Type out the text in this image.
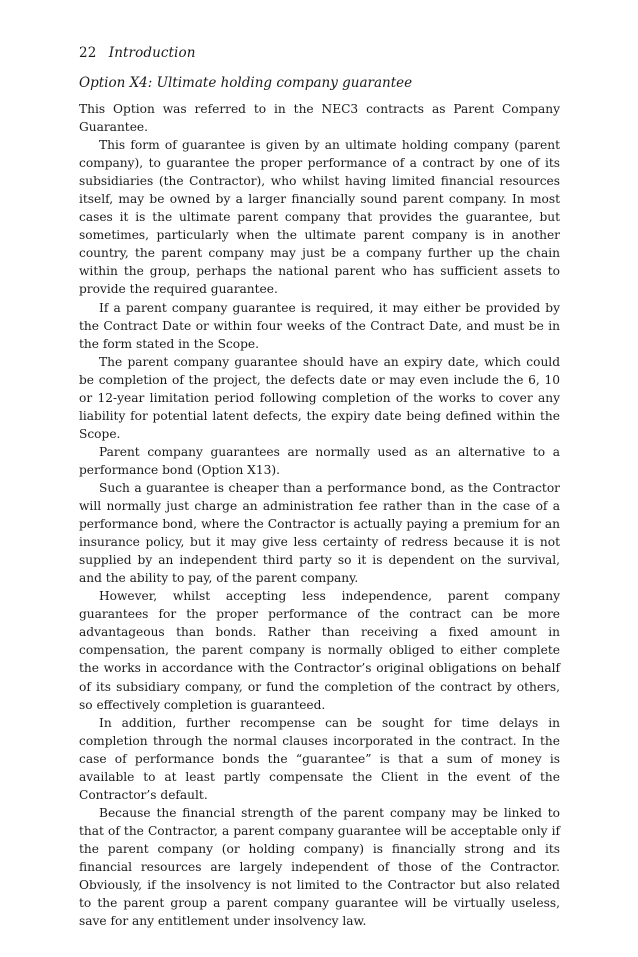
22 Introduction
Option X4: Ultimate holding company guarantee

This Option was referred to in the NEC3 contracts as Parent Company Guarantee.

This form of guarantee is given by an ultimate holding company (parent company), to guarantee the proper performance of a contract by one of its subsidiaries (the Contractor), who whilst having limited financial resources itself, may be owned by a larger financially sound parent company. In most cases it is the ultimate parent company that provides the guarantee, but sometimes, particularly when the ultimate parent company is in another country, the parent company may just be a company further up the chain within the group, perhaps the national parent who has sufficient assets to provide the required guarantee.

If a parent company guarantee is required, it may either be provided by the Contract Date or within four weeks of the Contract Date, and must be in the form stated in the Scope.

The parent company guarantee should have an expiry date, which could be completion of the project, the defects date or may even include the 6, 10 or 12-year limitation period following completion of the works to cover any liability for potential latent defects, the expiry date being defined within the Scope.

Parent company guarantees are normally used as an alternative to a performance bond (Option X13).

Such a guarantee is cheaper than a performance bond, as the Contractor will normally just charge an administration fee rather than in the case of a performance bond, where the Contractor is actually paying a premium for an insurance policy, but it may give less certainty of redress because it is not supplied by an independent third party so it is dependent on the survival, and the ability to pay, of the parent company.

However, whilst accepting less independence, parent company guarantees for the proper performance of the contract can be more advantageous than bonds. Rather than receiving a fixed amount in compensation, the parent company is normally obliged to either complete the works in accordance with the Contractor’s original obligations on behalf of its subsidiary company, or fund the completion of the contract by others, so effectively completion is guaranteed.

In addition, further recompense can be sought for time delays in completion through the normal clauses incorporated in the contract. In the case of performance bonds the “guarantee” is that a sum of money is available to at least partly compensate the Client in the event of the Contractor’s default.

Because the financial strength of the parent company may be linked to that of the Contractor, a parent company guarantee will be acceptable only if the parent company (or holding company) is financially strong and its financial resources are largely independent of those of the Contractor. Obviously, if the insolvency is not limited to the Contractor but also related to the parent group a parent company guarantee will be virtually useless, save for any entitlement under insolvency law.
